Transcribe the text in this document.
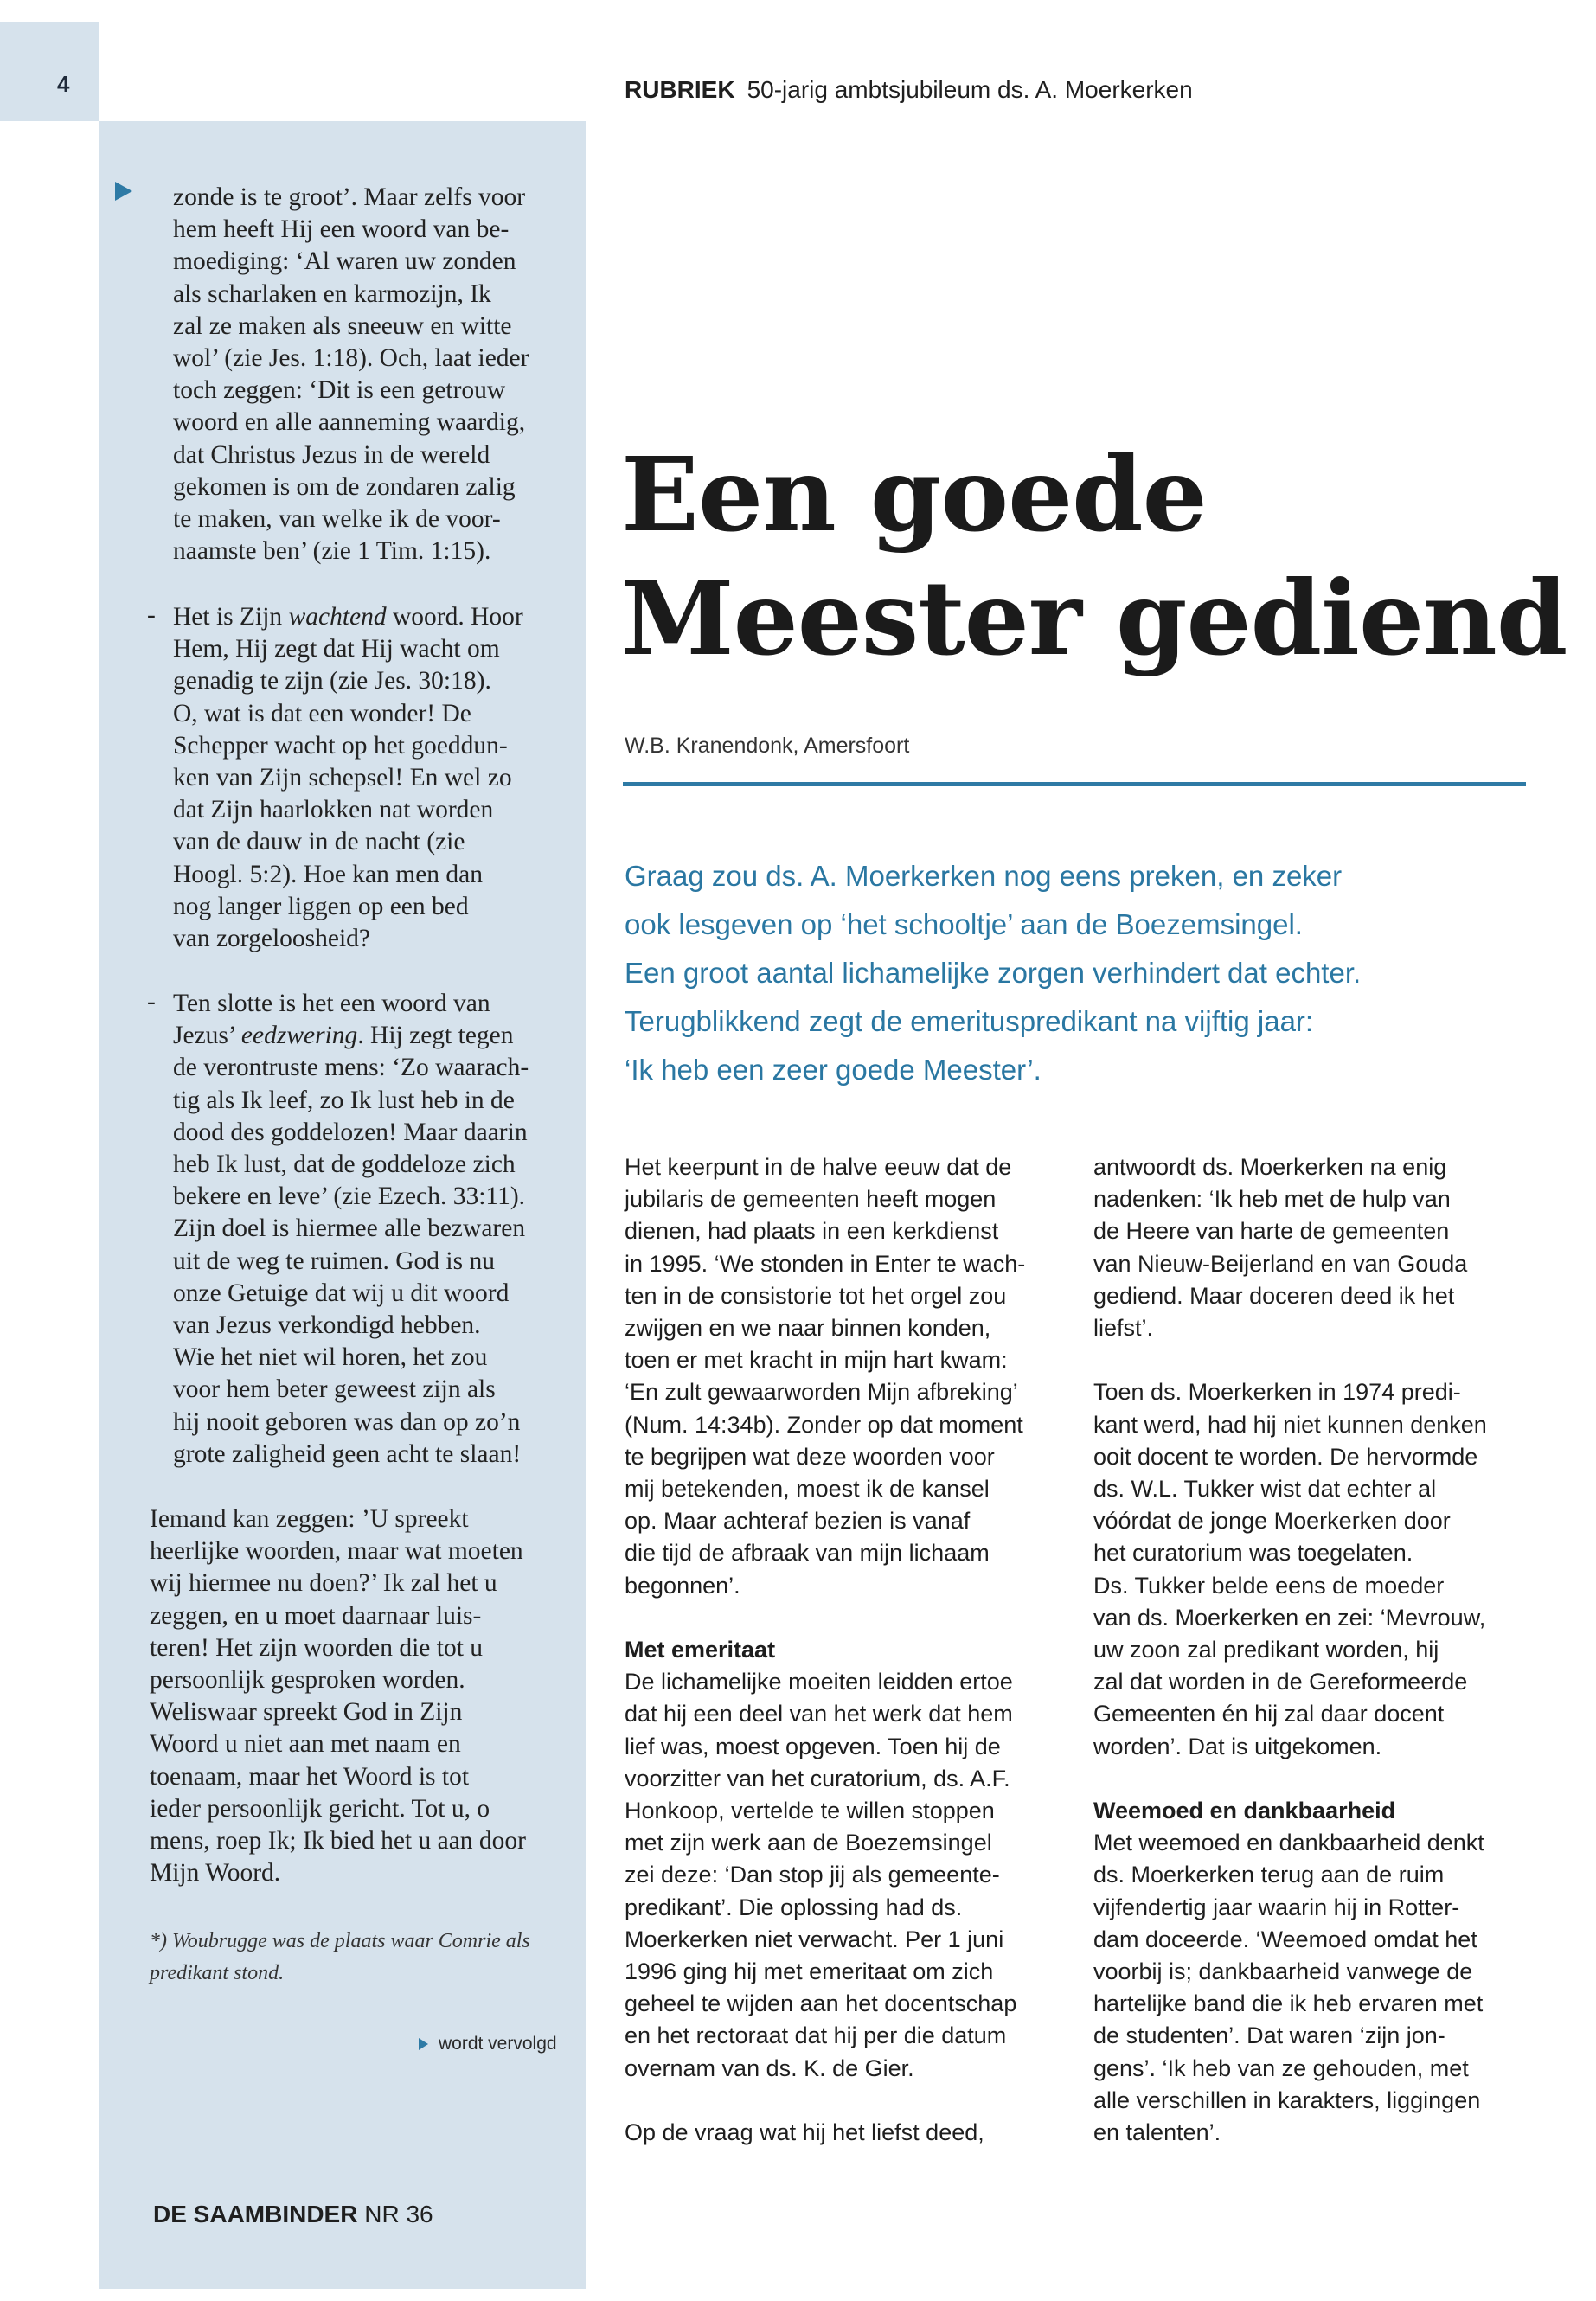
4	RUBRIEK 50-jarig ambtsjubileum ds. A. Moerkerken
zonde is te groot’. Maar zelfs voor
hem heeft Hij een woord van be-
moediging: ‘Al waren uw zonden
als scharlaken en karmozijn, Ik
zal ze maken als sneeuw en witte
wol’ (zie Jes. 1:18). Och, laat ieder
toch zeggen: ‘Dit is een getrouw
woord en alle aanneming waardig,
dat Christus Jezus in de wereld
gekomen is om de zondaren zalig
te maken, van welke ik de voor-
naamste ben’ (zie 1 Tim. 1:15).
- Het is Zijn wachtend woord. Hoor
Hem, Hij zegt dat Hij wacht om
genadig te zijn (zie Jes. 30:18).
O, wat is dat een wonder! De
Schepper wacht op het goeddun-
ken van Zijn schepsel! En wel zo
dat Zijn haarlokken nat worden
van de dauw in de nacht (zie
Hoogl. 5:2). Hoe kan men dan
nog langer liggen op een bed
van zorgeloosheid?
- Ten slotte is het een woord van
Jezus’ eedzwering. Hij zegt tegen
de verontruste mens: ‘Zo waarach-
tig als Ik leef, zo Ik lust heb in de
dood des goddelozen! Maar daarin
heb Ik lust, dat de goddeloze zich
bekere en leve’ (zie Ezech. 33:11).
Zijn doel is hiermee alle bezwaren
uit de weg te ruimen. God is nu
onze Getuige dat wij u dit woord
van Jezus verkondigd hebben.
Wie het niet wil horen, het zou
voor hem beter geweest zijn als
hij nooit geboren was dan op zo’n
grote zaligheid geen acht te slaan!
Iemand kan zeggen: ’U spreekt
heerlijke woorden, maar wat moeten
wij hiermee nu doen?’ Ik zal het u
zeggen, en u moet daarnaar luis-
teren! Het zijn woorden die tot u
persoonlijk gesproken worden.
Weliswaar spreekt God in Zijn
Woord u niet aan met naam en
toenaam, maar het Woord is tot
ieder persoonlijk gericht. Tot u, o
mens, roep Ik; Ik bied het u aan door
Mijn Woord.
*) Woubrugge was de plaats waar Comrie als
predikant stond.
wordt vervolgd
DE SAAMBINDER NR 36
Een goede
Meester gediend
W.B. Kranendonk, Amersfoort
Graag zou ds. A. Moerkerken nog eens preken, en zeker
ook lesgeven op ‘het schooltje’ aan de Boezemsingel.
Een groot aantal lichamelijke zorgen verhindert dat echter.
Terugblikkend zegt de emerituspredikant na vijftig jaar:
‘Ik heb een zeer goede Meester’.
Het keerpunt in de halve eeuw dat de
jubilaris de gemeenten heeft mogen
dienen, had plaats in een kerkdienst
in 1995. ‘We stonden in Enter te wach-
ten in de consistorie tot het orgel zou
zwijgen en we naar binnen konden,
toen er met kracht in mijn hart kwam:
‘En zult gewaarworden Mijn afbreking’
(Num. 14:34b). Zonder op dat moment
te begrijpen wat deze woorden voor
mij betekenden, moest ik de kansel
op. Maar achteraf bezien is vanaf
die tijd de afbraak van mijn lichaam
begonnen’.
Met emeritaat
De lichamelijke moeiten leidden ertoe
dat hij een deel van het werk dat hem
lief was, moest opgeven. Toen hij de
voorzitter van het curatorium, ds. A.F.
Honkoop, vertelde te willen stoppen
met zijn werk aan de Boezemsingel
zei deze: ‘Dan stop jij als gemeente-
predikant’. Die oplossing had ds.
Moerkerken niet verwacht. Per 1 juni
1996 ging hij met emeritaat om zich
geheel te wijden aan het docentschap
en het rectoraat dat hij per die datum
overnam van ds. K. de Gier.
Op de vraag wat hij het liefst deed,
antwoordt ds. Moerkerken na enig
nadenken: ‘Ik heb met de hulp van
de Heere van harte de gemeenten
van Nieuw-Beijerland en van Gouda
gediend. Maar doceren deed ik het
liefst’.
Toen ds. Moerkerken in 1974 predi-
kant werd, had hij niet kunnen denken
ooit docent te worden. De hervormde
ds. W.L. Tukker wist dat echter al
vóórdat de jonge Moerkerken door
het curatorium was toegelaten.
Ds. Tukker belde eens de moeder
van ds. Moerkerken en zei: ‘Mevrouw,
uw zoon zal predikant worden, hij
zal dat worden in de Gereformeerde
Gemeenten én hij zal daar docent
worden’. Dat is uitgekomen.
Weemoed en dankbaarheid
Met weemoed en dankbaarheid denkt
ds. Moerkerken terug aan de ruim
vijfendertig jaar waarin hij in Rotter-
dam doceerde. ‘Weemoed omdat het
voorbij is; dankbaarheid vanwege de
hartelijke band die ik heb ervaren met
de studenten’. Dat waren ‘zijn jon-
gens’. ‘Ik heb van ze gehouden, met
alle verschillen in karakters, liggingen
en talenten’.
